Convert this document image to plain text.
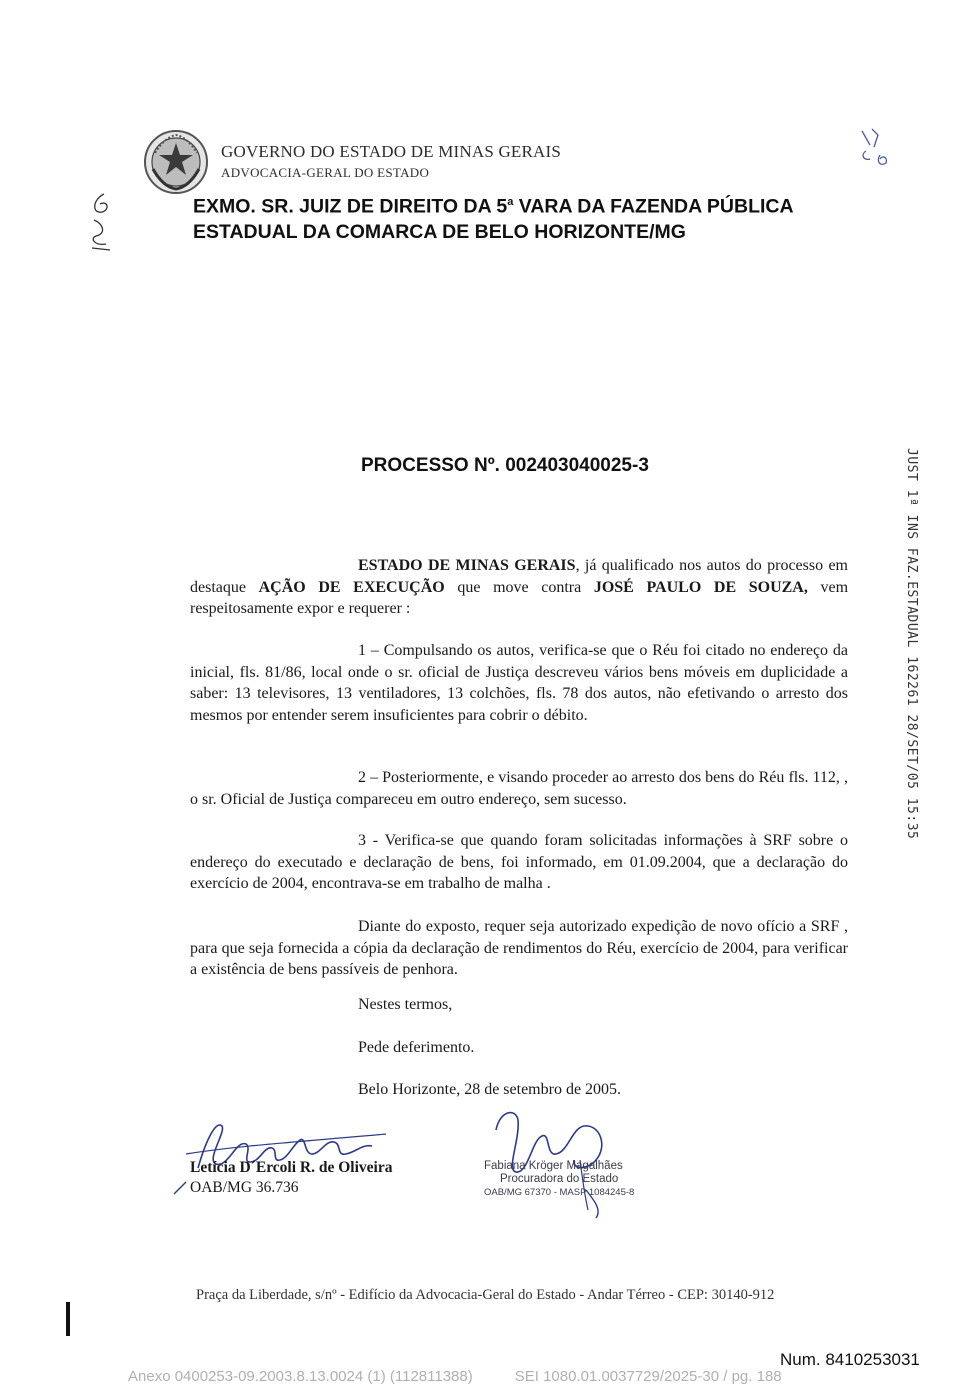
GOVERNO DO ESTADO DE MINAS GERAIS
ADVOCACIA-GERAL DO ESTADO
EXMO. SR. JUIZ DE DIREITO DA 5$^a$ VARA DA FAZENDA PÚBLICA
ESTADUAL DA COMARCA DE BELO HORIZONTE/MG
PROCESSO Nº. 002403040025-3	JUST 1ª INS FAZ.ESTADUAL 162261 28/SET/05 15:35
ESTADO DE MINAS GERAIS, já qualificado nos autos do processo em destaque AÇÃO DE EXECUÇÃO que move contra JOSÉ PAULO DE SOUZA, vem respeitosamente expor e requerer :
1 – Compulsando os autos, verifica-se que o Réu foi citado no endereço da inicial, fls. 81/86, local onde o sr. oficial de Justiça descreveu vários bens móveis em duplicidade a saber: 13 televisores, 13 ventiladores, 13 colchões, fls. 78 dos autos, não efetivando o arresto dos mesmos por entender serem insuficientes para cobrir o débito.
2 – Posteriormente, e visando proceder ao arresto dos bens do Réu fls. 112, , o sr. Oficial de Justiça compareceu em outro endereço, sem sucesso.
3 - Verifica-se que quando foram solicitadas informações à SRF sobre o endereço do executado e declaração de bens, foi informado, em 01.09.2004, que a declaração do exercício de 2004, encontrava-se em trabalho de malha .
Diante do exposto, requer seja autorizado expedição de novo ofício a SRF , para que seja fornecida a cópia da declaração de rendimentos do Réu, exercício de 2004, para verificar a existência de bens passíveis de penhora.
Nestes termos,
Pede deferimento.
Belo Horizonte, 28 de setembro de 2005.
Letícia D´Ercoli R. de Oliveira
OAB/MG 36.736
Fabiana Kröger Magalhães
Procuradora do Estado
OAB/MG 67370 - MASP 1084245-8
Praça da Liberdade, s/nº - Edifício da Advocacia-Geral do Estado - Andar Térreo - CEP: 30140-912
Num. 8410253031
Anexo 0400253-09.2003.8.13.0024 (1) (112811388)	SEI 1080.01.0037729/2025-30 / pg. 188
